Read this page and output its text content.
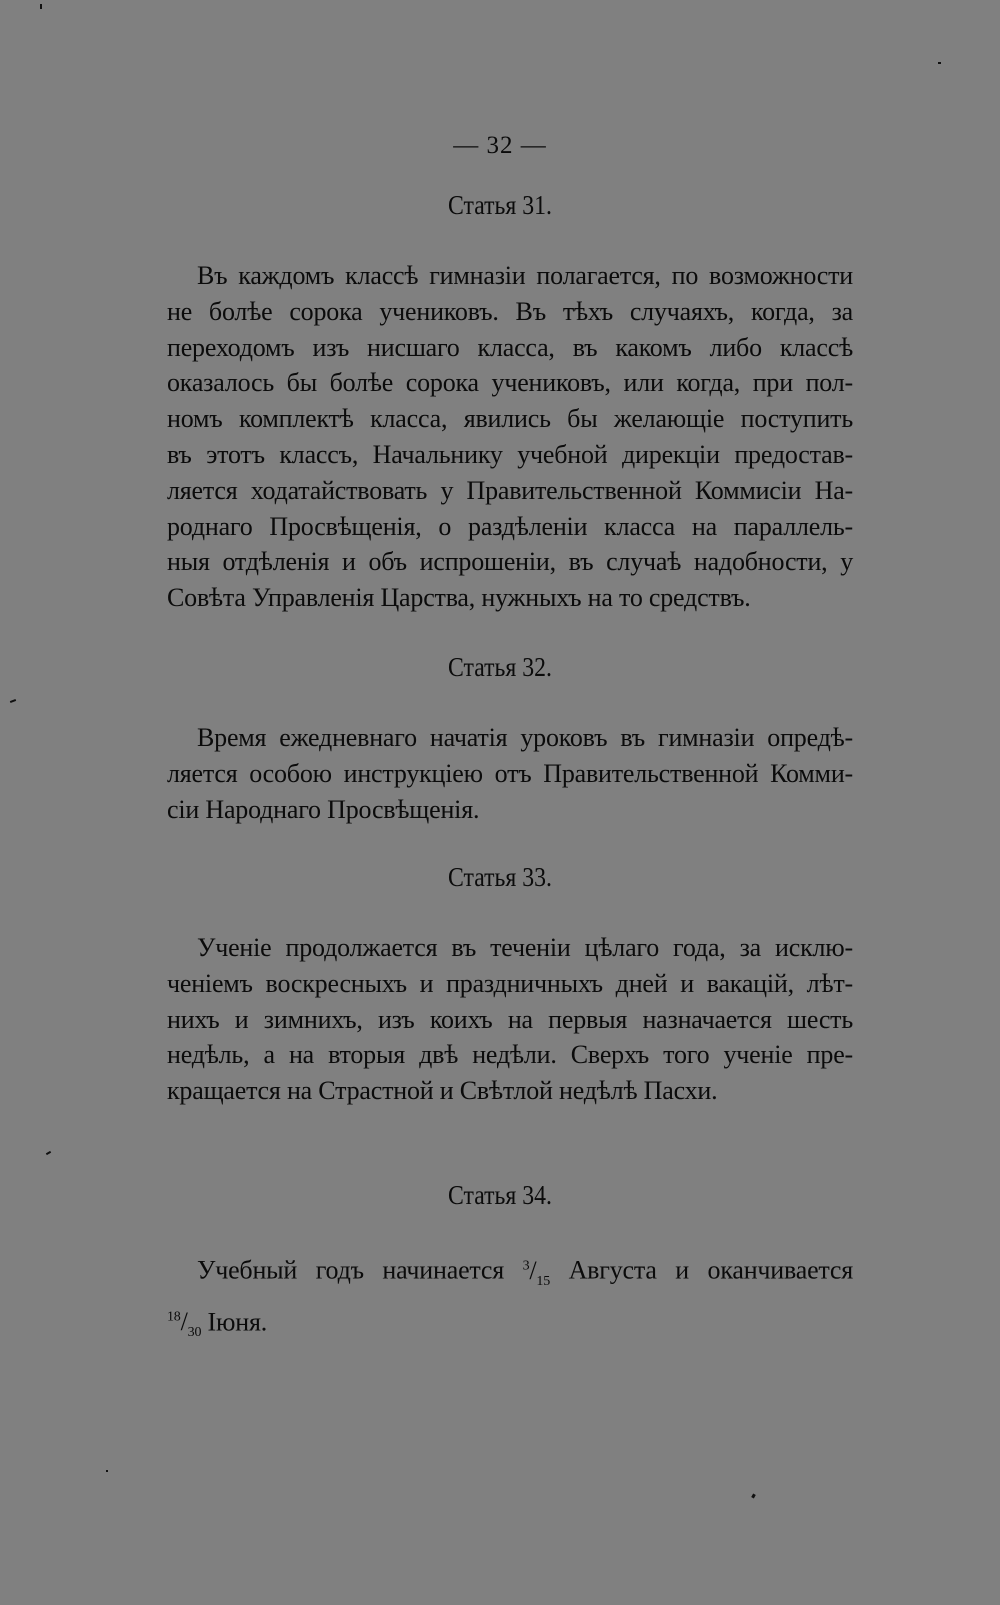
— 32 —
Статья 31.
Въ каждомъ классѣ гимназіи полагается, по возможности
не болѣе сорока учениковъ. Въ тѣхъ случаяхъ, когда, за
переходомъ изъ нисшаго класса, въ какомъ либо классѣ
оказалось бы болѣе сорока учениковъ, или когда, при пол-
номъ комплектѣ класса, явились бы желающіе поступить
въ этотъ классъ, Начальнику учебной дирекціи предостав-
ляется ходатайствовать у Правительственной Коммисіи На-
роднаго Просвѣщенія, о раздѣленіи класса на параллель-
ныя отдѣленія и объ испрошеніи, въ случаѣ надобности, у
Совѣта Управленія Царства, нужныхъ на то средствъ.
Статья 32.
Время ежедневнаго начатія уроковъ въ гимназіи опредѣ-
ляется особою инструкціею отъ Правительственной Комми-
сіи Народнаго Просвѣщенія.
Статья 33.
Ученіе продолжается въ теченіи цѣлаго года, за исклю-
ченіемъ воскресныхъ и праздничныхъ дней и вакацій, лѣт-
нихъ и зимнихъ, изъ коихъ на первыя назначается шесть
недѣль, а на вторыя двѣ недѣли. Сверхъ того ученіе пре-
кращается на Страстной и Свѣтлой недѣлѣ Пасхи.
Статья 34.
Учебный годъ начинается $^3/_{15}$ Августа и оканчивается
$^{18}/_{30}$ Іюня.
